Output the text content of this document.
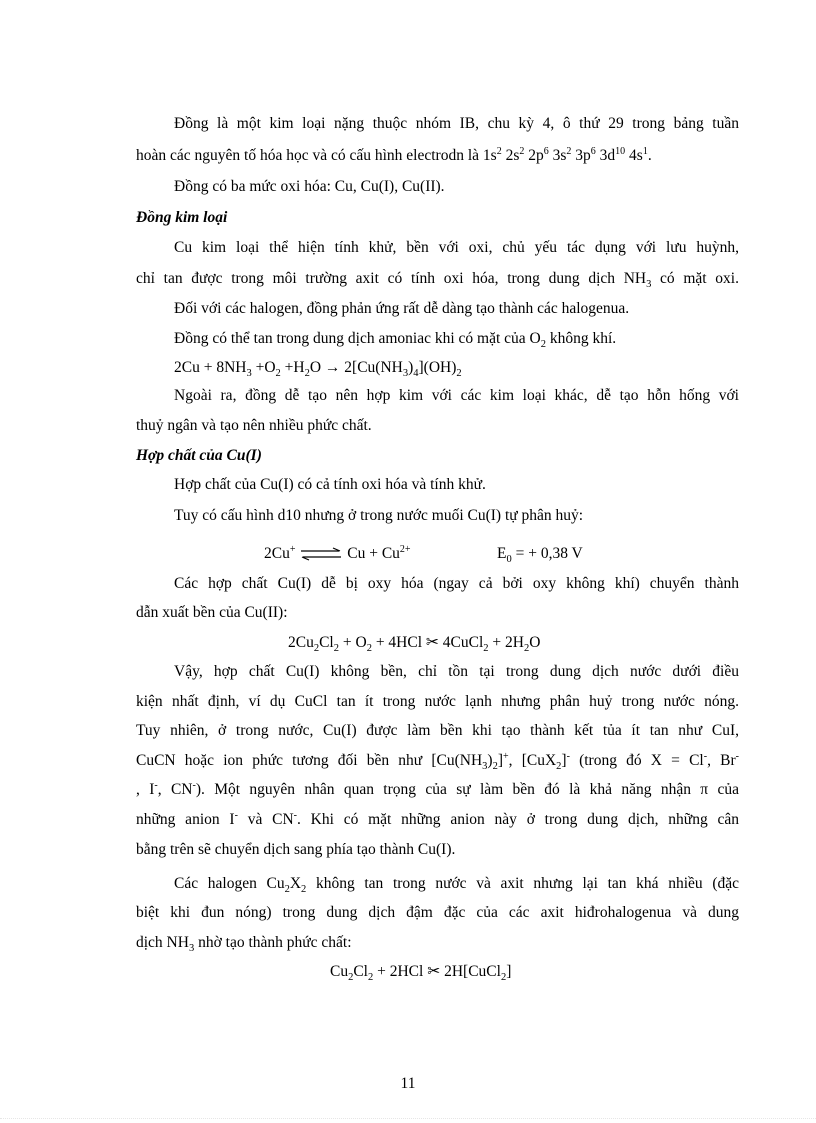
Đồng là một kim loại nặng thuộc nhóm IB, chu kỳ 4, ô thứ 29 trong bảng tuần
hoàn các nguyên tố hóa học và có cấu hình electrodn là $1s^2$ $2s^2$ $2p^6$ $3s^2$ $3p^6$ $3d^{10}$ $4s^1$.
Đồng có ba mức oxi hóa: Cu, Cu(I), Cu(II).
Đồng kim loại
Cu kim loại thể hiện tính khử, bền với oxi, chủ yếu tác dụng với lưu huỳnh,
chỉ tan được trong môi trường axit có tính oxi hóa, trong dung dịch $NH_3$ có mặt oxi.
Đối với các halogen, đồng phản ứng rất dễ dàng tạo thành các halogenua.
Đồng có thể tan trong dung dịch amoniac khi có mặt của $O_2$ không khí.
$2Cu + 8NH_3 +O_2 +H_2O \to 2[Cu(NH_3)_4](OH)_2$
Ngoài ra, đồng dễ tạo nên hợp kim với các kim loại khác, dễ tạo hỗn hống với
thuỷ ngân và tạo nên nhiều phức chất.
Hợp chất của Cu(I)
Hợp chất của Cu(I) có cả tính oxi hóa và tính khử.
Tuy có cấu hình d10 nhưng ở trong nước muối Cu(I) tự phân huỷ:
2Cu+ ⇌ $Cu + Cu^{2+}$	$E_0$ = + 0,38 V
Các hợp chất Cu(I) dễ bị oxy hóa (ngay cả bởi oxy không khí) chuyển thành
dẫn xuất bền của Cu(II):
$2Cu_2Cl_2 + O_2 + 4HCl$ ✂ 4CuCl$_2$ + $2H_2O$
Vậy, hợp chất Cu(I) không bền, chỉ tồn tại trong dung dịch nước dưới điều
kiện nhất định, ví dụ CuCl tan ít trong nước lạnh nhưng phân huỷ trong nước nóng.
Tuy nhiên, ở trong nước, Cu(I) được làm bền khi tạo thành kết tủa ít tan như CuI,
CuCN hoặc ion phức tương đối bền như $[Cu(NH_3)_2]^+$, [CuX$_2$]- (trong đó X = Cl-, Br-
, I-, CN-). Một nguyên nhân quan trọng của sự làm bền đó là khả năng nhận π của
những anion I- và CN-. Khi có mặt những anion này ở trong dung dịch, những cân
bằng trên sẽ chuyển dịch sang phía tạo thành Cu(I).
Các halogen $Cu_2X_2$ không tan trong nước và axit nhưng lại tan khá nhiều (đặc
biệt khi đun nóng) trong dung dịch đậm đặc của các axit hiđrohalogenua và dung
dịch $NH_3$ nhờ tạo thành phức chất:
$Cu_2Cl_2 + 2HCl$ ✂ 2H[CuCl$_2$]
11
